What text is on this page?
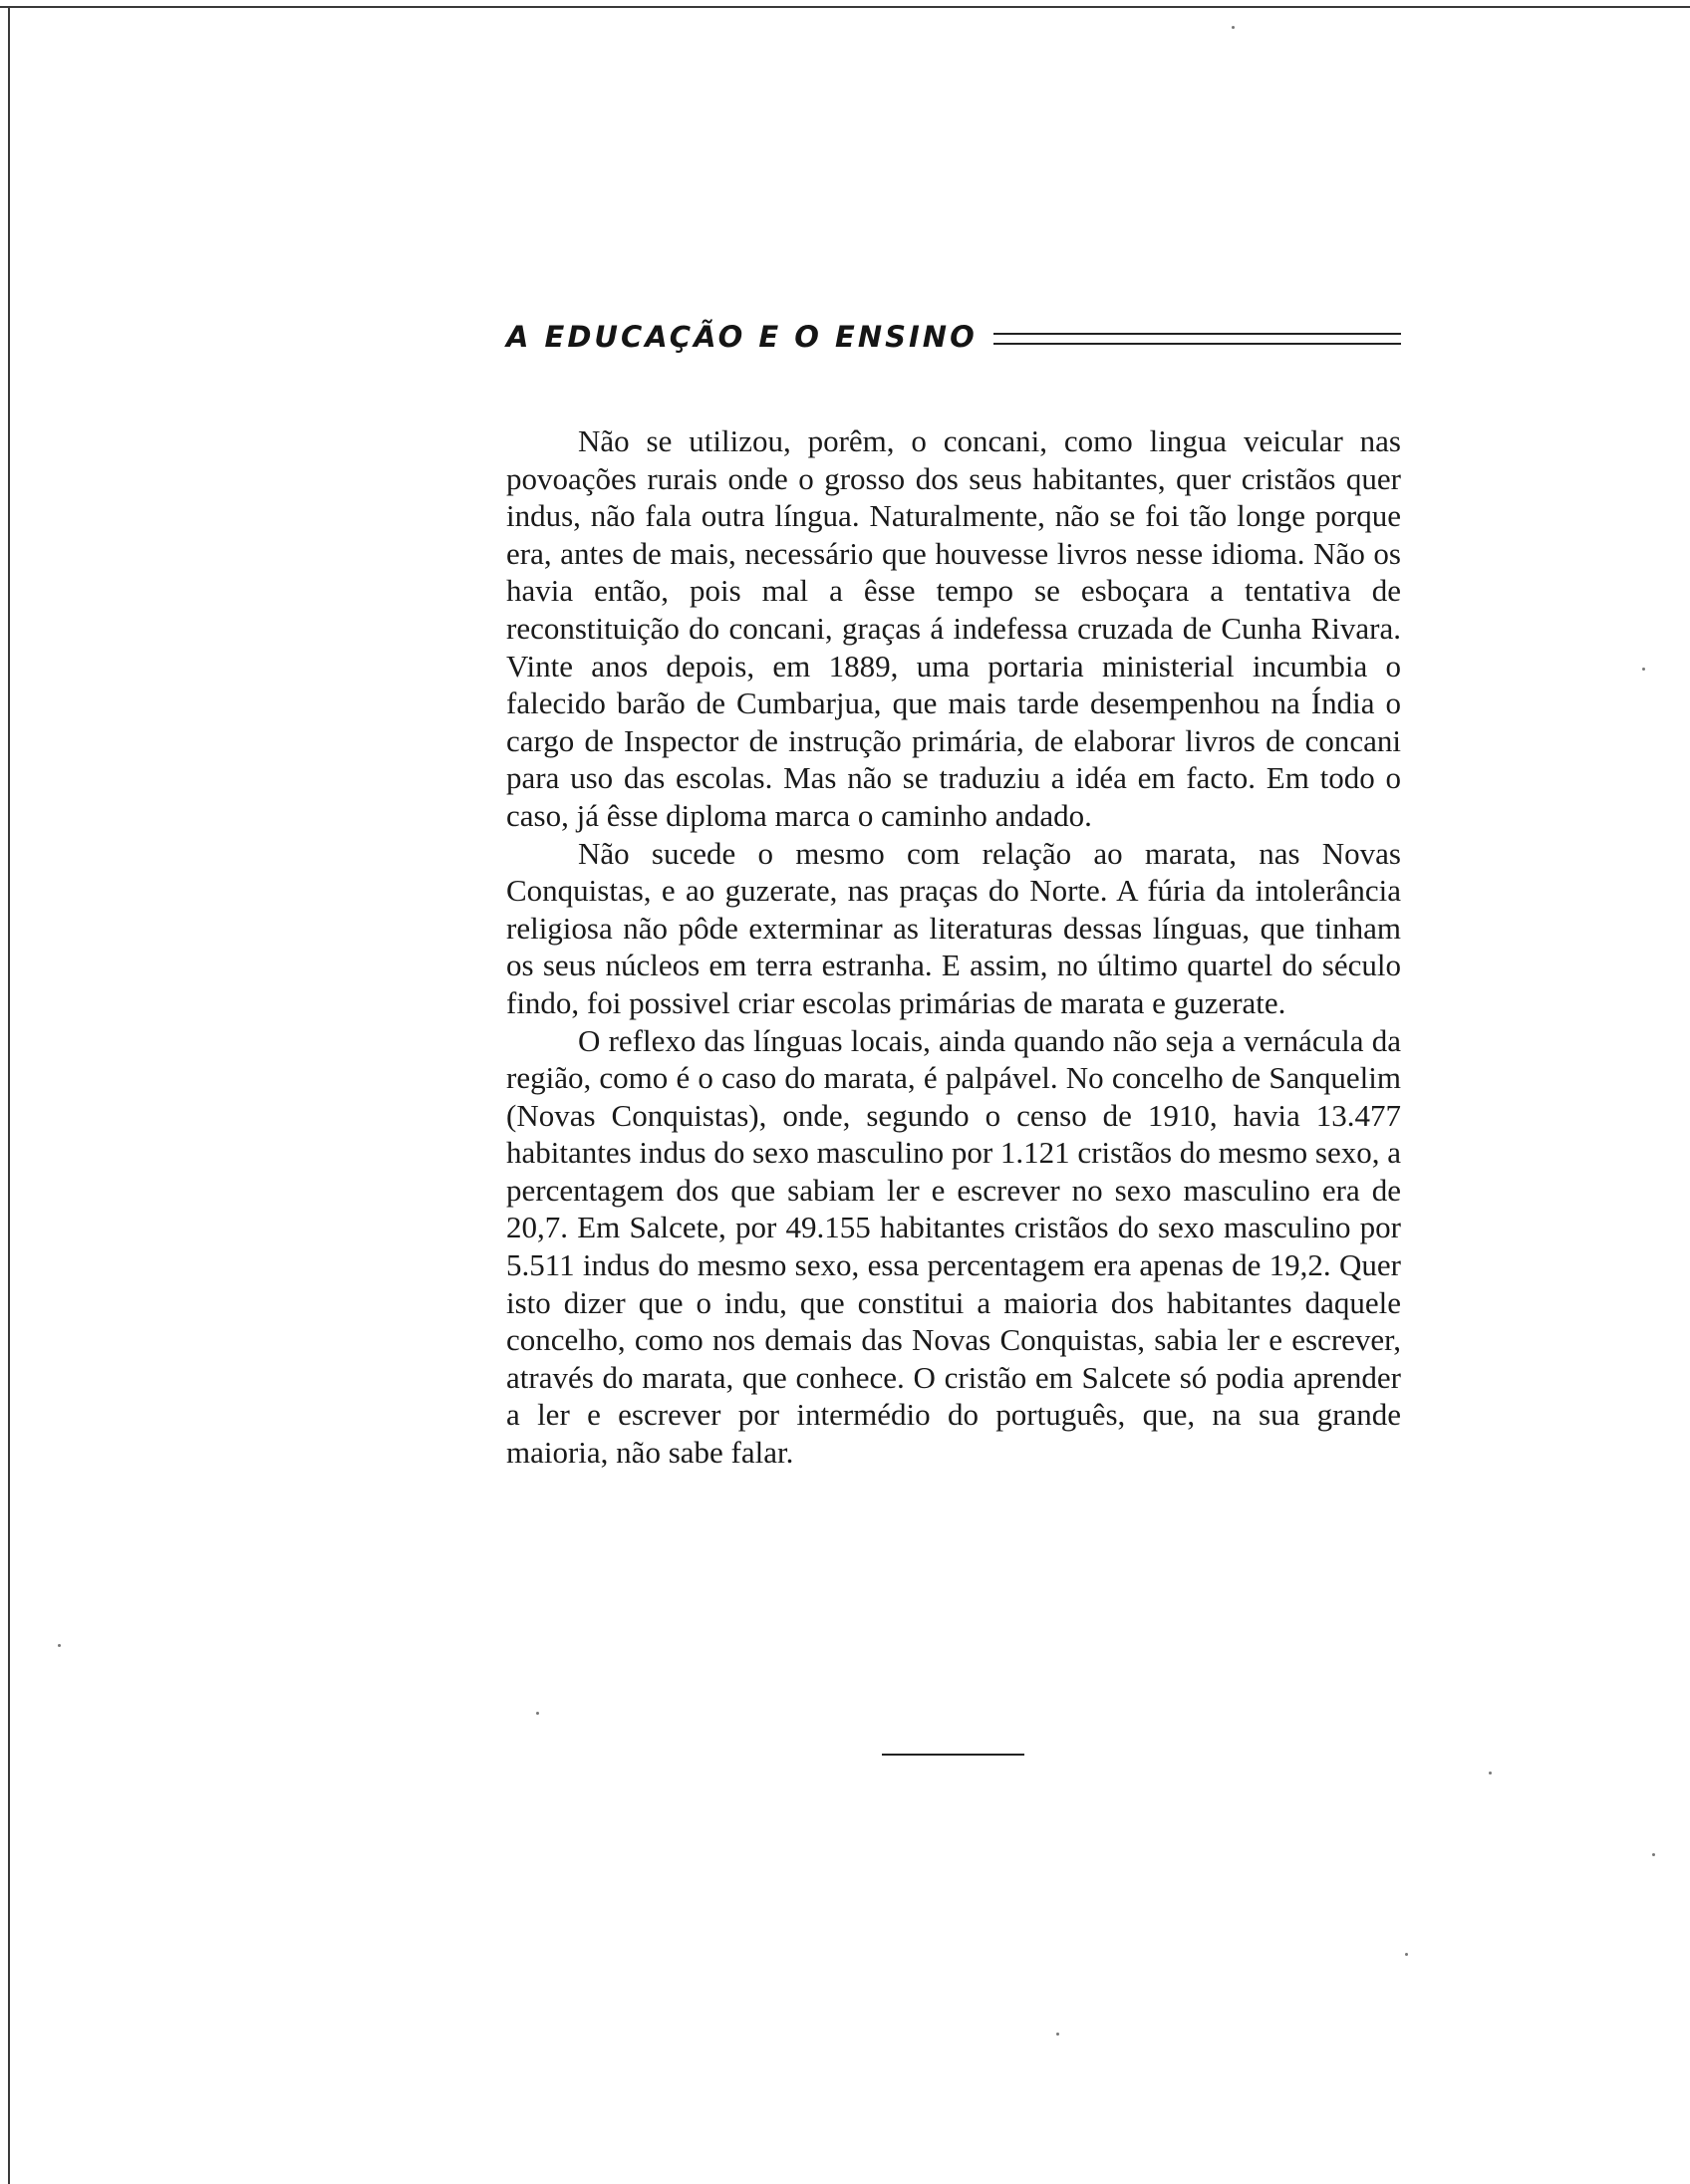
A EDUCAÇÃO E O ENSINO

Não se utilizou, porêm, o concani, como lingua veicular nas povoações rurais onde o grosso dos seus habitantes, quer cristãos quer indus, não fala outra língua. Naturalmente, não se foi tão longe porque era, antes de mais, necessário que houvesse livros nesse idioma. Não os havia então, pois mal a êsse tempo se esboçara a tentativa de reconstituição do concani, graças á indefessa cruzada de Cunha Rivara. Vinte anos depois, em 1889, uma portaria ministerial incumbia o falecido barão de Cumbarjua, que mais tarde desempenhou na Índia o cargo de Inspector de instrução primária, de elaborar livros de concani para uso das escolas. Mas não se traduziu a idéa em facto. Em todo o caso, já êsse diploma marca o caminho andado.

Não sucede o mesmo com relação ao marata, nas Novas Conquistas, e ao guzerate, nas praças do Norte. A fúria da intolerância religiosa não pôde exterminar as literaturas dessas línguas, que tinham os seus núcleos em terra estranha. E assim, no último quartel do século findo, foi possivel criar escolas primárias de marata e guzerate.

O reflexo das línguas locais, ainda quando não seja a vernácula da região, como é o caso do marata, é palpável. No concelho de Sanquelim (Novas Conquistas), onde, segundo o censo de 1910, havia 13.477 habitantes indus do sexo masculino por 1.121 cristãos do mesmo sexo, a percentagem dos que sabiam ler e escrever no sexo masculino era de 20,7. Em Salcete, por 49.155 habitantes cristãos do sexo masculino por 5.511 indus do mesmo sexo, essa percentagem era apenas de 19,2. Quer isto dizer que o indu, que constitui a maioria dos habitantes daquele concelho, como nos demais das Novas Conquistas, sabia ler e escrever, através do marata, que conhece. O cristão em Salcete só podia aprender a ler e escrever por intermédio do português, que, na sua grande maioria, não sabe falar.
